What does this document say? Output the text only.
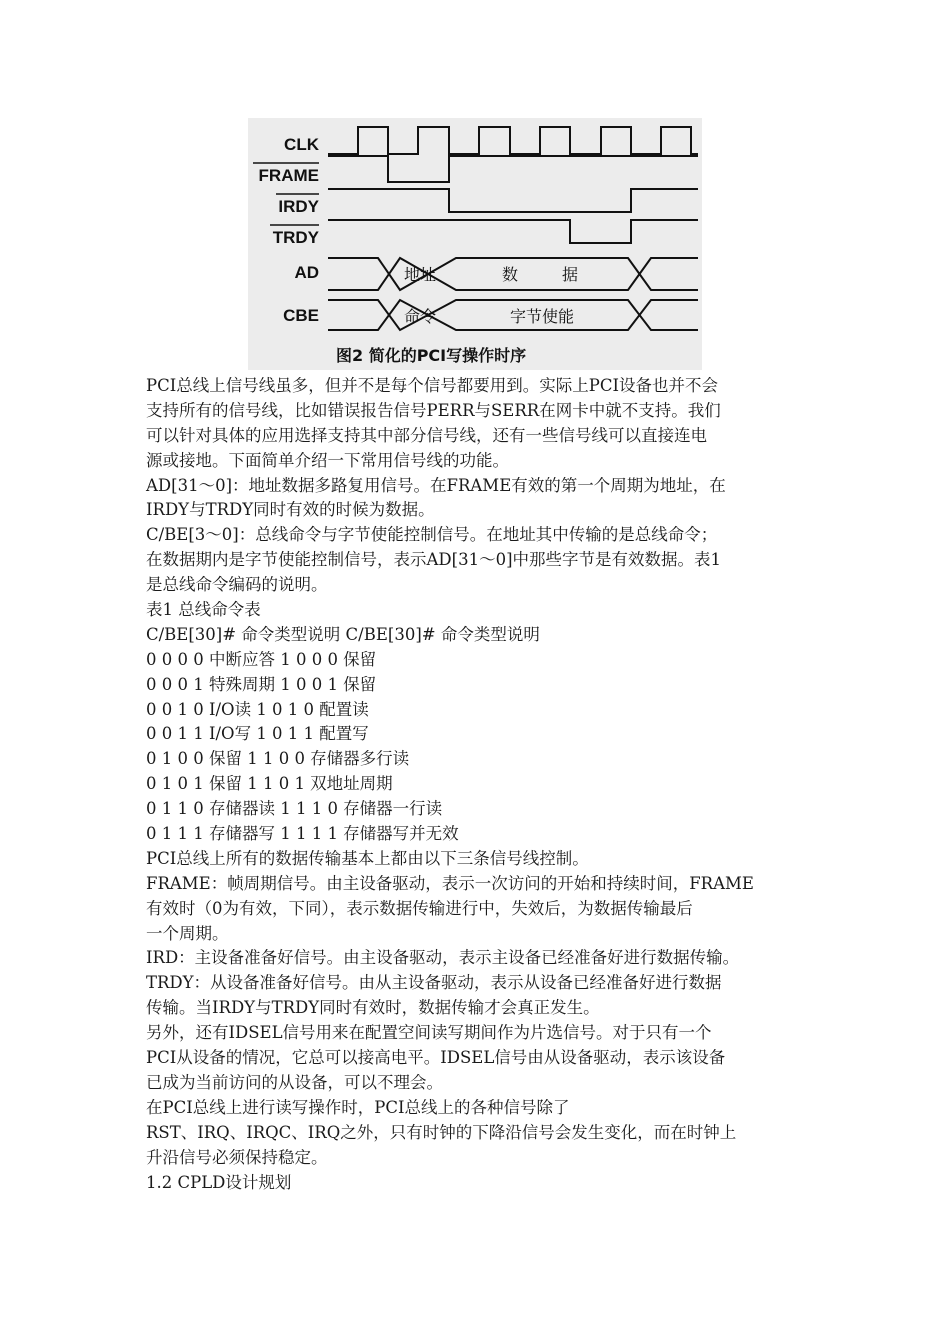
CLK
FRAME
IRDY
TRDY
AD
CBE
地址	数	据
命令	字节使能
图2 简化的PCI写操作时序
PCI总线上信号线虽多，但并不是每个信号都要用到。实际上PCI设备也并不会
支持所有的信号线，比如错误报告信号PERR与SERR在网卡中就不支持。我们
可以针对具体的应用选择支持其中部分信号线，还有一些信号线可以直接连电
源或接地。下面简单介绍一下常用信号线的功能。
AD[31～0]：地址数据多路复用信号。在FRAME有效的第一个周期为地址，在
IRDY与TRDY同时有效的时候为数据。
C/BE[3～0]：总线命令与字节使能控制信号。在地址其中传输的是总线命令；
在数据期内是字节使能控制信号，表示AD[31～0]中那些字节是有效数据。表1
是总线命令编码的说明。
表1 总线命令表
C/BE[30]# 命令类型说明 C/BE[30]# 命令类型说明
0 0 0 0 中断应答 1 0 0 0 保留
0 0 0 1 特殊周期 1 0 0 1 保留
0 0 1 0 I/O读 1 0 1 0 配置读
0 0 1 1 I/O写 1 0 1 1 配置写
0 1 0 0 保留 1 1 0 0 存储器多行读
0 1 0 1 保留 1 1 0 1 双地址周期
0 1 1 0 存储器读 1 1 1 0 存储器一行读
0 1 1 1 存储器写 1 1 1 1 存储器写并无效
PCI总线上所有的数据传输基本上都由以下三条信号线控制。
FRAME：帧周期信号。由主设备驱动，表示一次访问的开始和持续时间，FRAME
有效时（0为有效，下同），表示数据传输进行中，失效后，为数据传输最后
一个周期。
IRD：主设备准备好信号。由主设备驱动，表示主设备已经准备好进行数据传输。
TRDY：从设备准备好信号。由从主设备驱动，表示从设备已经准备好进行数据
传输。当IRDY与TRDY同时有效时，数据传输才会真正发生。
另外，还有IDSEL信号用来在配置空间读写期间作为片选信号。对于只有一个
PCI从设备的情况，它总可以接高电平。IDSEL信号由从设备驱动，表示该设备
已成为当前访问的从设备，可以不理会。
在PCI总线上进行读写操作时，PCI总线上的各种信号除了
RST、IRQ、IRQC、IRQ之外，只有时钟的下降沿信号会发生变化，而在时钟上
升沿信号必须保持稳定。
1.2 CPLD设计规划
